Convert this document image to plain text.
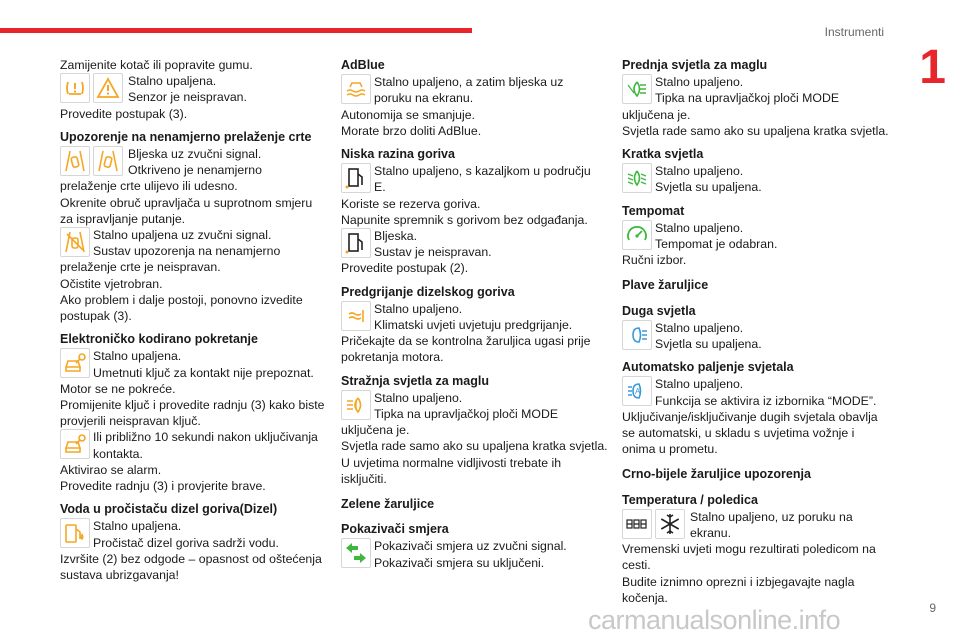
Instrumenti
1

Zamijenite kotač ili popravite gumu.

Stalno upaljena.

Senzor je neispravan.

Provedite postupak (3).

Upozorenje na nenamjerno prelaženje crte

Bljeska uz zvučni signal.

Otkriveno je nenamjerno

prelaženje crte ulijevo ili udesno.

Okrenite obruč upravljača u suprotnom smjeru

za ispravljanje putanje.

Stalno upaljena uz zvučni signal.

Sustav upozorenja na nenamjerno

prelaženje crte je neispravan.

Očistite vjetrobran.

Ako problem i dalje postoji, ponovno izvedite

postupak (3).

Elektroničko kodirano pokretanje

Stalno upaljena.

Umetnuti ključ za kontakt nije prepoznat.

Motor se ne pokreće.

Promijenite ključ i provedite radnju (3) kako biste

provjerili neispravan ključ.

Ili približno 10 sekundi nakon uključivanja

kontakta.

Aktivirao se alarm.

Provedite radnju (3) i provjerite brave.

Voda u pročistaču dizel goriva(Dizel)

Stalno upaljena.

Pročistač dizel goriva sadrži vodu.

Izvršite (2) bez odgode – opasnost od oštećenja

sustava ubrizgavanja!

AdBlue

Stalno upaljeno, a zatim bljeska uz

poruku na ekranu.

Autonomija se smanjuje.

Morate brzo doliti AdBlue.

Niska razina goriva

Stalno upaljeno, s kazaljkom u području

E.

Koriste se rezerva goriva.

Napunite spremnik s gorivom bez odgađanja.

Bljeska.

Sustav je neispravan.

Provedite postupak (2).

Predgrijanje dizelskog goriva

Stalno upaljeno.

Klimatski uvjeti uvjetuju predgrijanje.

Pričekajte da se kontrolna žaruljica ugasi prije

pokretanja motora.

Stražnja svjetla za maglu

Stalno upaljeno.

Tipka na upravljačkoj ploči MODE

uključena je.

Svjetla rade samo ako su upaljena kratka svjetla.

U uvjetima normalne vidljivosti trebate ih

isključiti.

Zelene žaruljice
Pokazivači smjera

Pokazivači smjera uz zvučni signal.

Pokazivači smjera su uključeni.

Prednja svjetla za maglu

Stalno upaljeno.

Tipka na upravljačkoj ploči MODE

uključena je.

Svjetla rade samo ako su upaljena kratka svjetla.

Kratka svjetla

Stalno upaljeno.

Svjetla su upaljena.

Tempomat

Stalno upaljeno.

Tempomat je odabran.

Ručni izbor.

Plave žaruljice
Duga svjetla

Stalno upaljeno.

Svjetla su upaljena.

Automatsko paljenje svjetala
A

Stalno upaljeno.

Funkcija se aktivira iz izbornika “MODE”.

Uključivanje/isključivanje dugih svjetala obavlja

se automatski, u skladu s uvjetima vožnje i

onima u prometu.

Crno-bijele žaruljice upozorenja
Temperatura / poledica

Stalno upaljeno, uz poruku na

ekranu.

Vremenski uvjeti mogu rezultirati poledicom na

cesti.

Budite iznimno oprezni i izbjegavajte nagla

kočenja.

carmanualsonline.info	9
